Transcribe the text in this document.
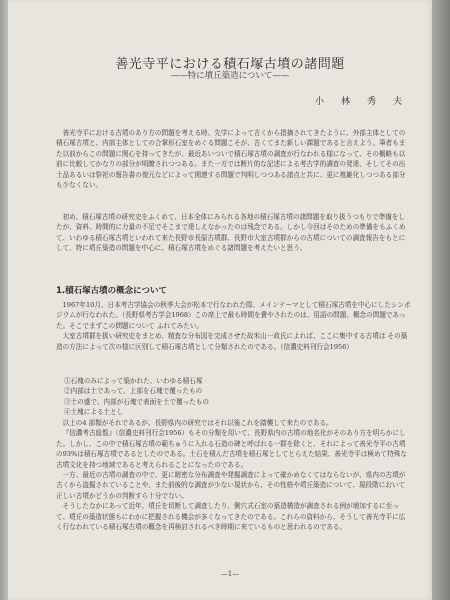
善光寺平における積石塚古墳の諸問題
——特に墳丘築造について——
小　林　秀　夫

善光寺平における古墳のあり方の問題を考える時、先学によって古くから指摘されてきたように、外部主体としての積石塚古墳と、内部主体としての合掌形石室をめぐる問題こそが、古くてまた新しい課題であると言えよう。筆者もまた以前からこの問題に関心を持ってきたが、最近あいついで積石塚古墳の調査が行なわれる様になって、その概略も以前に比較してかなりの部分が明瞭されつつある。また一方では断片的な記述による考古学的調査の発達、そしてその出土品あるいは祭祀の報告書の復元などによって関連する問題で判明しつつある諸点と共に、更に複雑化しつつある部分も少なくない。

初め、積石塚古墳の研究史をふくめて、日本全体にみられる各地の積石塚古墳の諸問題を取り扱うつもりで準備をしたが、資料、時間的に力量の不足でそこまで達しえなかったのは残念である。しかし今回はそのための準備をもふくめて、いわゆる積石塚古墳といわれて来た長野市長原古墳群、長野市大室古墳群からの古墳についての調査報告をもとにして、特に墳丘築造の問題を中心に、積石塚古墳をめぐる諸問題を考えたいと思う。

1.積石塚古墳の概念について

1967年10月、日本考古学協会の秋季大会が松本で行なわれた際、メインテーマとして積石塚古墳を中心にしたシンポジウムが行なわれた。（長野県考古学会1968）この席上で最も時間を費やされたのは、用語の問題、概念の問題であった。そこでまずこの問題について ふれてみたい。

大室古墳群を扱い研究史をまとめ、精査な分布図を完成させた故米山一政氏によれば、ここに集中する古墳は その築造の方法によって次の様に区別して積石塚古墳として分類されたのである。（信濃史料刊行会1956）

①石塊のみによって築かれた、いわゆる積石塚
②内部は土であって、上部を石塊で覆ったもの
③土の盛で、内部が石塊で表面を土で覆ったもの
④土塊による土とし

以上の4 部類がそれであるが、長野県内の研究ではそれ以後これを踏襲して来たのである。

『信濃考古総覧』（信濃史料刊行会1956）もその分類を用いて、長野県内の古墳の地名化がそのあり方を明らかにした。しかし、この中で積石塚古墳の範ちゅうに入れる石造の碑と呼ばれる一群を除くと、それによって善光寺平の古墳の93%は積石塚古墳であるとしたのである。土石を積んだ古墳を積石塚としてとらえた結果、善光寺平は極めて特殊な古墳文化を持つ地域であると考えられることになったのである。

一方、最近の古墳の調査の中で、更に精密な分布調査や発掘調査によって確かめなくてはならないが、県内の古墳が古くから盗掘されていることや、また前後的な調査が少ない現状から、その性格や墳丘築造について、現段階において正しい古墳かどうかの判断すら十分でない。

そうしたなかにあって近年、墳丘を切断して調査したり、側穴式石室の築造構造が調査される例が増加するに至って、墳丘の築造状態もにわかに把握される機会が多くなってきたのである。これらの資料から、そうして善光寺平に広く行なわれている積石塚古墳の概念を再検討されるべき時期に来ているものと思われるのである。

—1—
